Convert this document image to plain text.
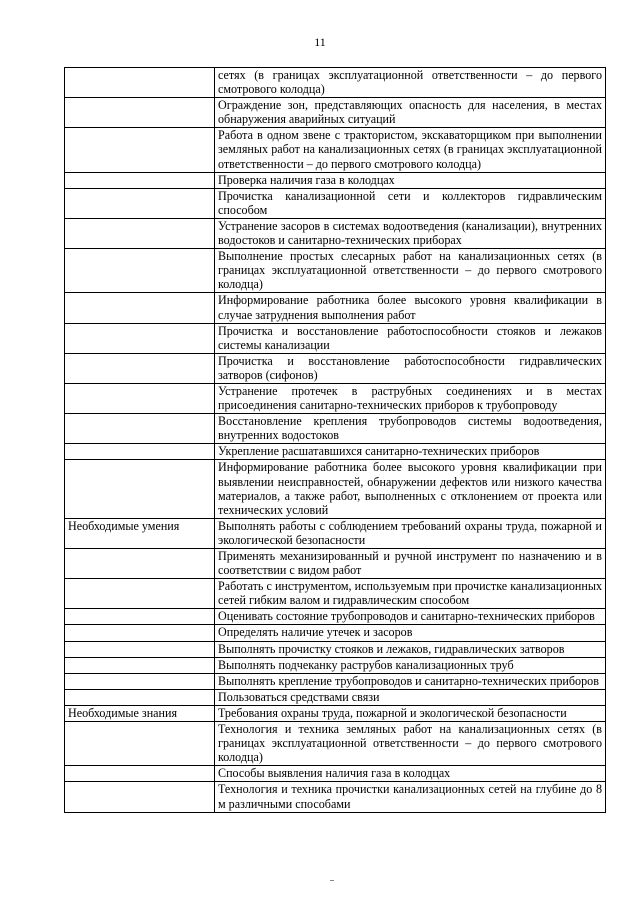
11
	сетях (в границах эксплуатационной ответственности – до первого смотрового колодца)
	Ограждение зон, представляющих опасность для населения, в местах обнаружения аварийных ситуаций
	Работа в одном звене с трактористом, экскаваторщиком при выполнении земляных работ на канализационных сетях (в границах эксплуатационной ответственности – до первого смотрового колодца)
	Проверка наличия газа в колодцах
	Прочистка канализационной сети и коллекторов гидравлическим способом
	Устранение засоров в системах водоотведения (канализации), внутренних водостоков и санитарно-технических приборах
	Выполнение простых слесарных работ на канализационных сетях (в границах эксплуатационной ответственности – до первого смотрового колодца)
	Информирование работника более высокого уровня квалификации в случае затруднения выполнения работ
	Прочистка и восстановление работоспособности стояков и лежаков системы канализации
	Прочистка и восстановление работоспособности гидравлических затворов (сифонов)
	Устранение протечек в раструбных соединениях и в местах присоединения санитарно-технических приборов к трубопроводу
	Восстановление крепления трубопроводов системы водоотведения, внутренних водостоков
	Укрепление расшатавшихся санитарно-технических приборов
	Информирование работника более высокого уровня квалификации при выявлении неисправностей, обнаружении дефектов или низкого качества материалов, а также работ, выполненных с отклонением от проекта или технических условий
Необходимые умения	Выполнять работы с соблюдением требований охраны труда, пожарной и экологической безопасности
	Применять механизированный и ручной инструмент по назначению и в соответствии с видом работ
	Работать с инструментом, используемым при прочистке канализационных сетей гибким валом и гидравлическим способом
	Оценивать состояние трубопроводов и санитарно-технических приборов
	Определять наличие утечек и засоров
	Выполнять прочистку стояков и лежаков, гидравлических затворов
	Выполнять подчеканку раструбов канализационных труб
	Выполнять крепление трубопроводов и санитарно-технических приборов
	Пользоваться средствами связи
Необходимые знания	Требования охраны труда, пожарной и экологической безопасности
	Технология и техника земляных работ на канализационных сетях (в границах эксплуатационной ответственности – до первого смотрового колодца)
	Способы выявления наличия газа в колодцах
	Технология и техника прочистки канализационных сетей на глубине до 8 м различными способами
